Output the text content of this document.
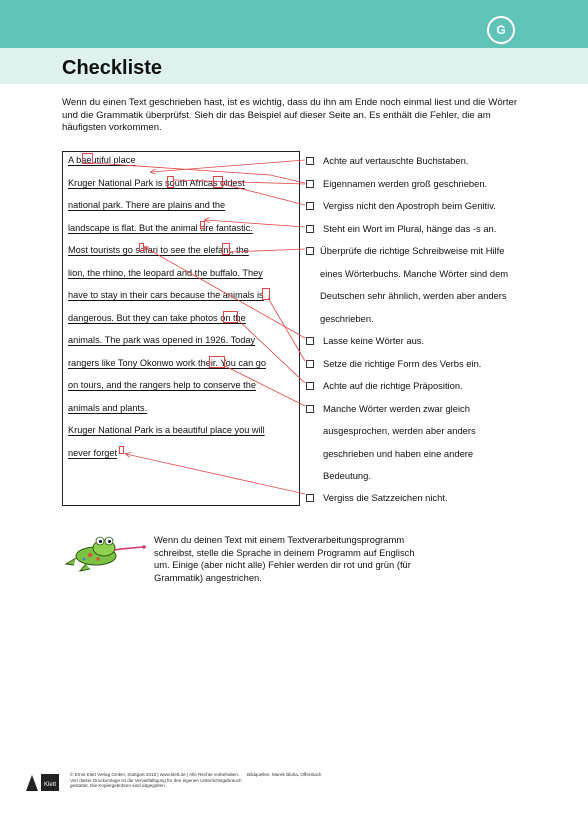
G
Checkliste

Wenn du einen Text geschrieben hast, ist es wichtig, dass du ihn am Ende noch einmal liest und die Wörter und die Grammatik überprüfst. Sieh dir das Beispiel auf dieser Seite an. Es enthält die Fehler, die am häufigsten vorkommen.

A baeutiful place
Kruger National Park is south Africas oldest
national park. There are plains and the
landscape is flat. But the animal are fantastic.
Most tourists go safari to see the elefant, the
lion, the rhino, the leopard and the buffalo. They
have to stay in their cars because the animals is
dangerous. But they can take photos on the
animals. The park was opened in 1926. Today
rangers like Tony Okonwo work their. You can go
on tours, and the rangers help to conserve the
animals and plants.
Kruger National Park is a beautiful place you will
never forget
Achte auf vertauschte Buchstaben.
Eigennamen werden groß geschrieben.
Vergiss nicht den Apostroph beim Genitiv.
Steht ein Wort im Plural, hänge das -s an.
Überprüfe die richtige Schreibweise mit Hilfe
eines Wörterbuchs. Manche Wörter sind dem
Deutschen sehr ähnlich, werden aber anders
geschrieben.
Lasse keine Wörter aus.
Setze die richtige Form des Verbs ein.
Achte auf die richtige Präposition.
Manche Wörter werden zwar gleich
ausgesprochen, werden aber anders
geschrieben und haben eine andere
Bedeutung.
Vergiss die Satzzeichen nicht.

Wenn du deinen Text mit einem Textverarbeitungsprogramm schreibst, stelle die Sprache in deinem Programm auf Englisch um. Einige (aber nicht alle) Fehler werden dir rot und grün (für Grammatik) angestrichen.

Klett
© Ernst Klett Verlag GmbH, Stuttgart 2013 | www.klett.de | Alle Rechte vorbehalten. Von dieser Druckvorlage ist die Vervielfältigung für den eigenen Unterrichtsgebrauch gestattet. Die Kopiergebühren sind abgegolten.
Bildquellen: Marek Bluha, Offenbach
